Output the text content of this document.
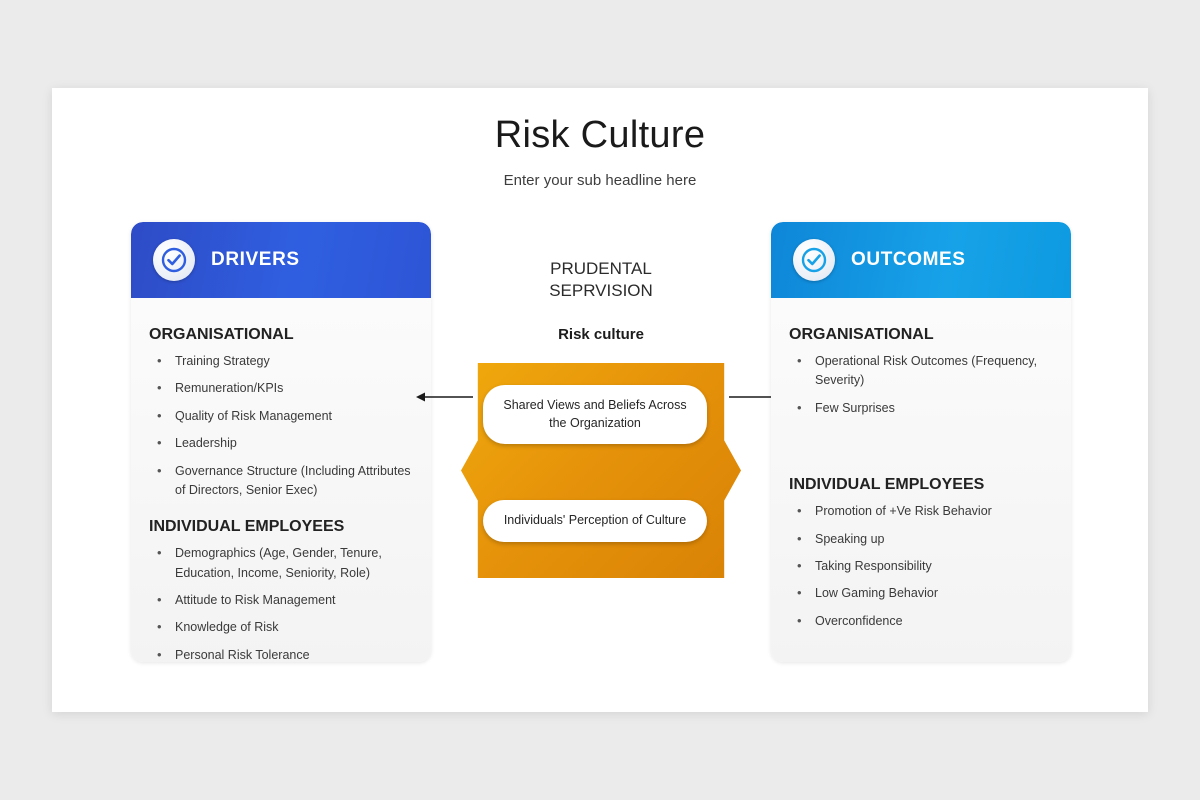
Risk Culture
Enter your sub headline here
DRIVERS
ORGANISATIONAL
• Training Strategy
• Remuneration/KPIs
• Quality of Risk Management
• Leadership
• Governance Structure (Including Attributes of Directors, Senior Exec)
INDIVIDUAL EMPLOYEES
• Demographics (Age, Gender, Tenure, Education, Income, Seniority, Role)
• Attitude to Risk Management
• Knowledge of Risk
• Personal Risk Tolerance
PRUDENTAL
SEPRVISION
Risk culture
Shared Views and Beliefs Across the Organization
Individuals' Perception of Culture
OUTCOMES
ORGANISATIONAL
• Operational Risk Outcomes (Frequency, Severity)
• Few Surprises
INDIVIDUAL EMPLOYEES
• Promotion of +Ve Risk Behavior
• Speaking up
• Taking Responsibility
• Low Gaming Behavior
• Overconfidence
